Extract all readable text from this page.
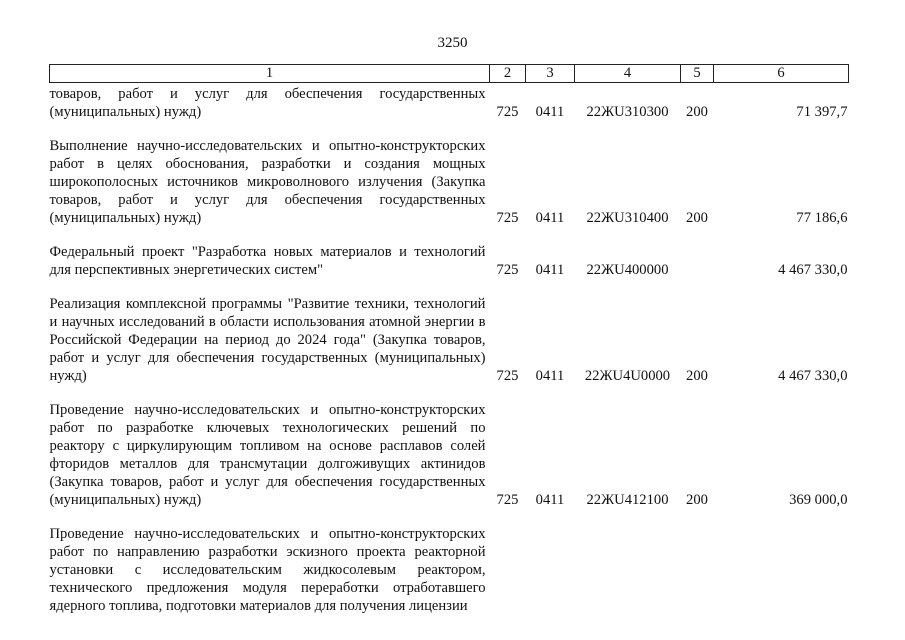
3250
1	2	3	4	5	6
товаров, работ и услуг для обеспечения государственных (муниципальных) нужд)	725	0411	22ЖU310300	200	71 397,7
Выполнение научно-исследовательских и опытно-конструкторских работ в целях обоснования, разработки и создания мощных широкополосных источников микроволнового излучения (Закупка товаров, работ и услуг для обеспечения государственных (муниципальных) нужд)	725	0411	22ЖU310400	200	77 186,6
Федеральный проект "Разработка новых материалов и технологий для перспективных энергетических систем"	725	0411	22ЖU400000		4 467 330,0
Реализация комплексной программы "Развитие техники, технологий и научных исследований в области использования атомной энергии в Российской Федерации на период до 2024 года" (Закупка товаров, работ и услуг для обеспечения государственных (муниципальных) нужд)	725	0411	22ЖU4U0000	200	4 467 330,0
Проведение научно-исследовательских и опытно-конструкторских работ по разработке ключевых технологических решений по реактору с циркулирующим топливом на основе расплавов солей фторидов металлов для трансмутации долгоживущих актинидов (Закупка товаров, работ и услуг для обеспечения государственных (муниципальных) нужд)	725	0411	22ЖU412100	200	369 000,0
Проведение научно-исследовательских и опытно-конструкторских работ по направлению разработки эскизного проекта реакторной установки с исследовательским жидкосолевым реактором, технического предложения модуля переработки отработавшего ядерного топлива, подготовки материалов для получения лицензии					
